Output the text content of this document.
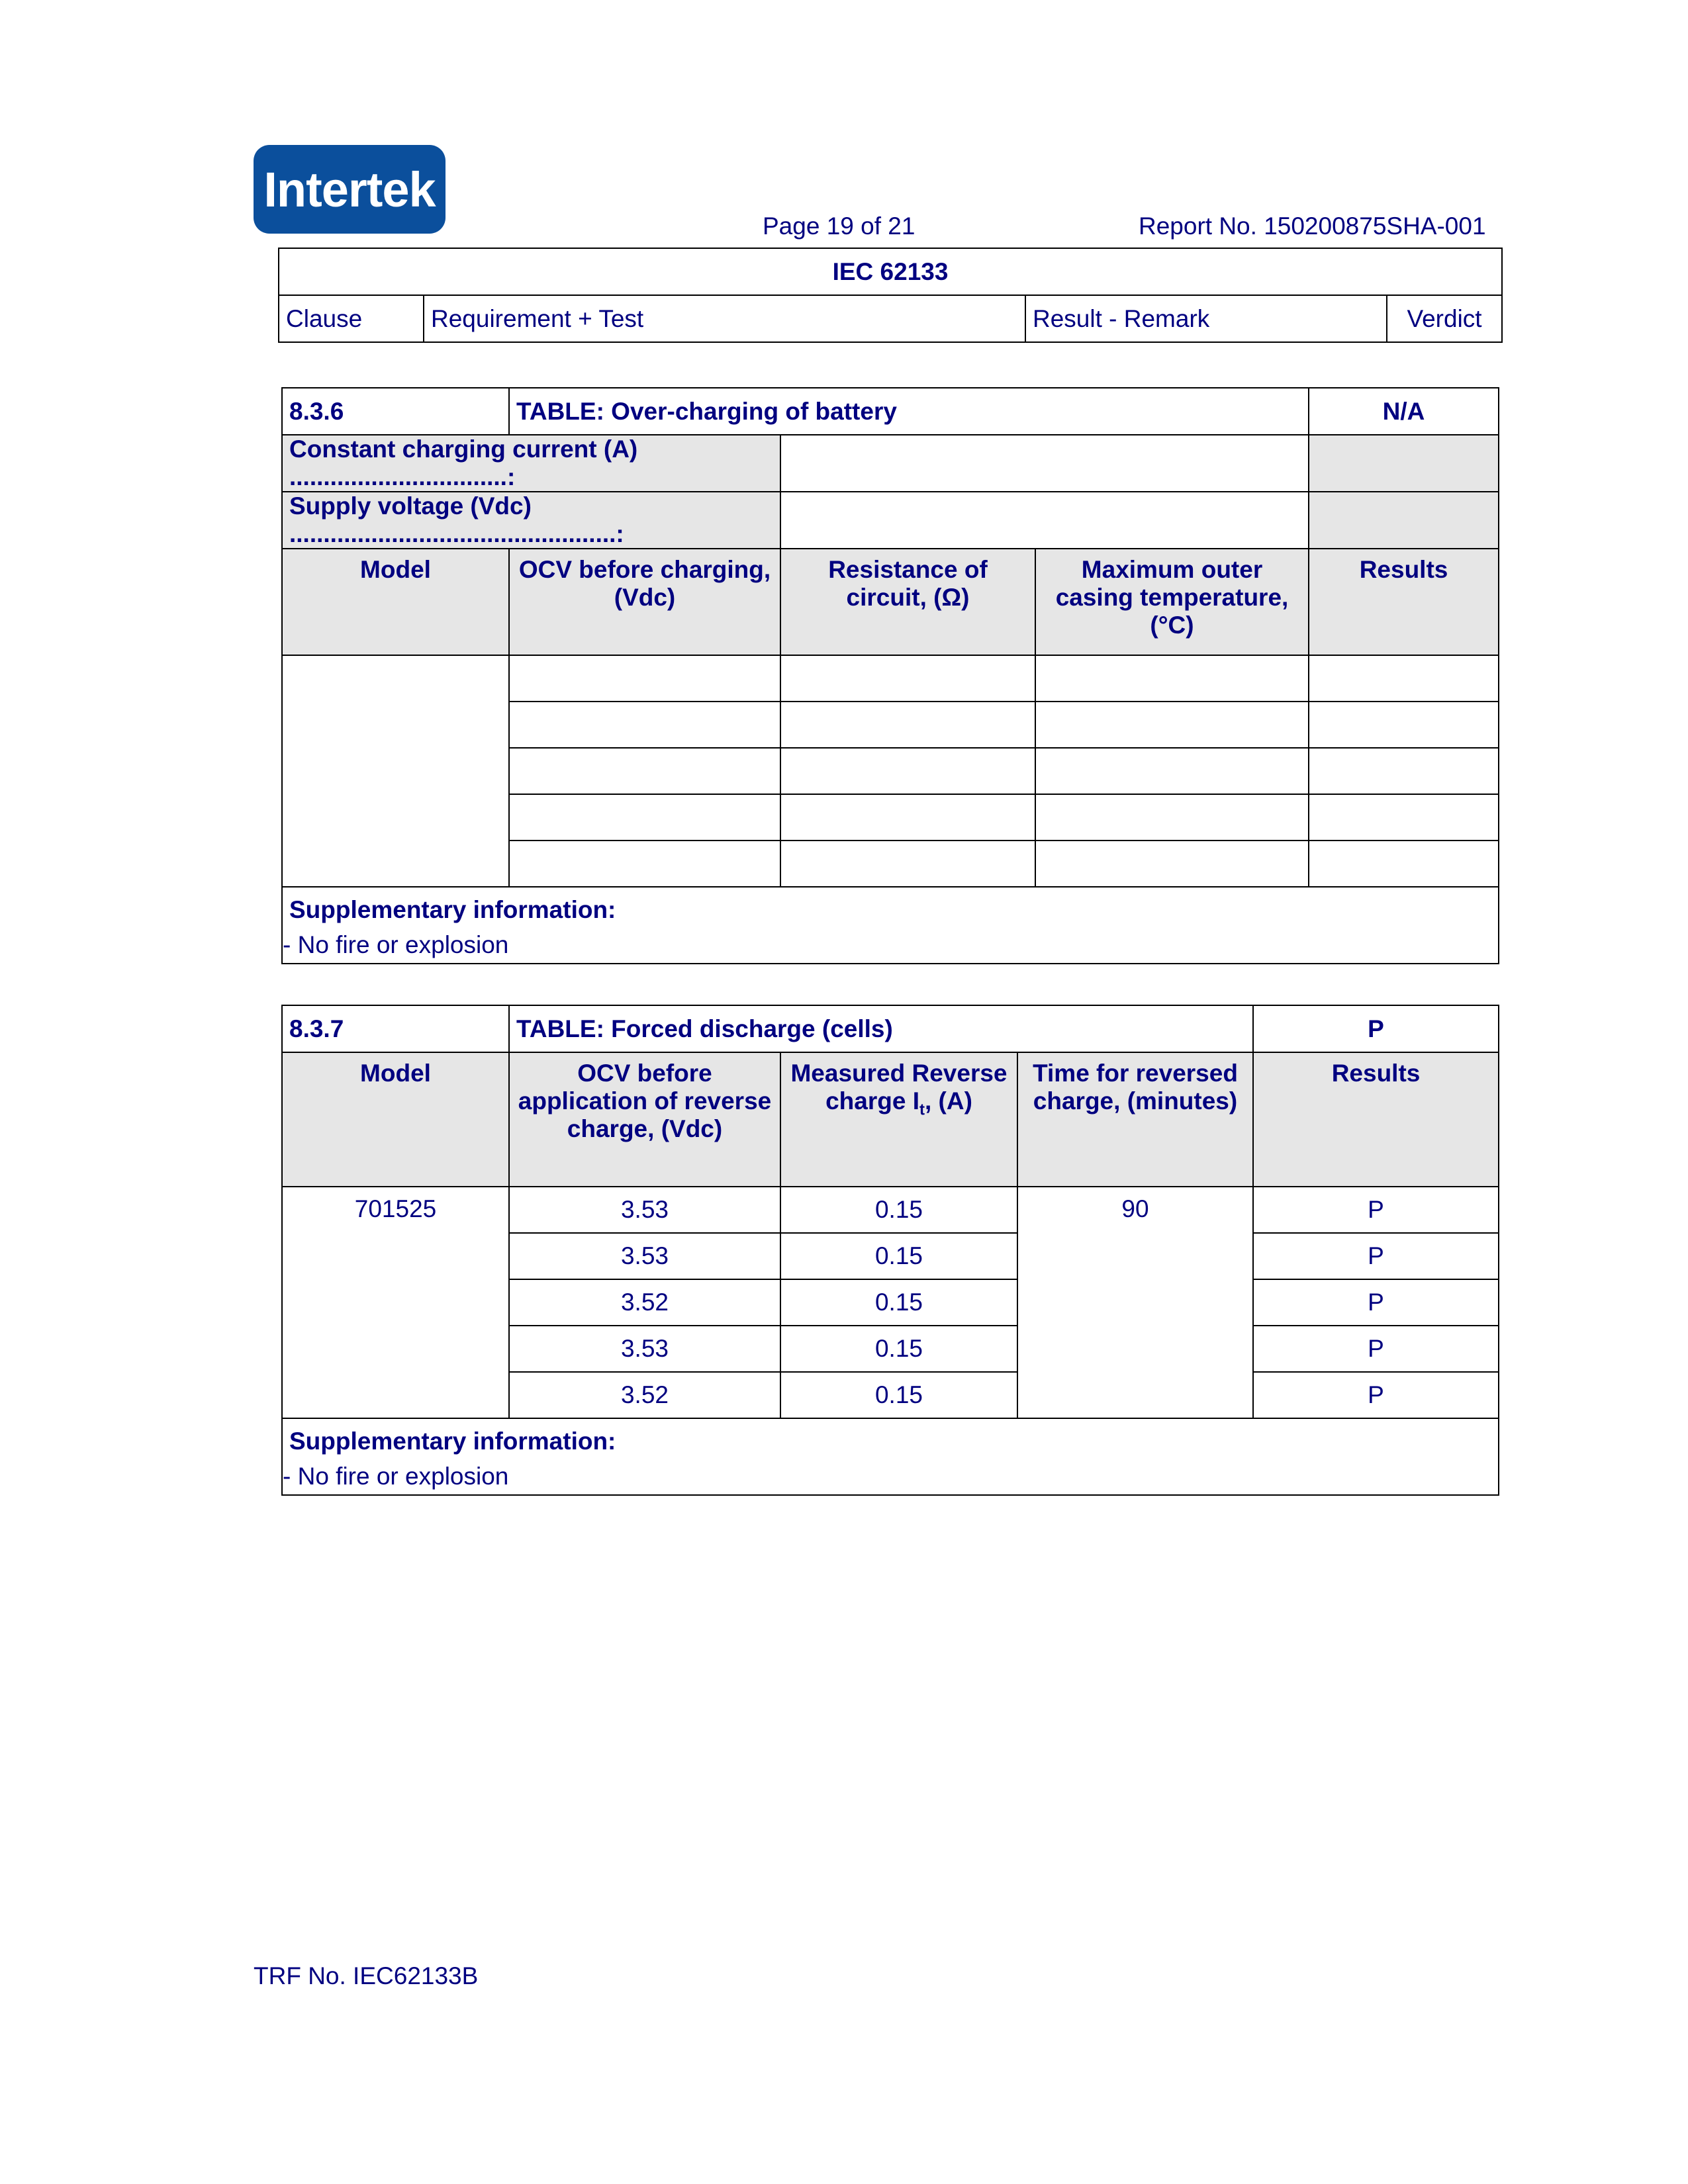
Intertek
Page 19 of 21	Report No. 150200875SHA-001
IEC 62133
Clause	Requirement + Test	Result - Remark	Verdict
8.3.6	TABLE: Over-charging of battery			N/A
Constant charging current (A) ................................:				
Supply voltage (Vdc) ................................................:				
Model	OCV before charging, (Vdc)	Resistance of circuit, (Ω)	Maximum outer casing temperature, (°C)	Results

Supplementary information:
- No fire or explosion				
8.3.7	TABLE: Forced discharge (cells)			P
Model	OCV before application of reverse charge, (Vdc)	Measured Reverse charge $I_t$, (A)	Time for reversed charge, (minutes)	Results
701525	3.53	0.15	90	P
	3.53	0.15		P
	3.52	0.15		P
	3.53	0.15		P
	3.52	0.15		P

Supplementary information:
- No fire or explosion				
TRF No. IEC62133B
